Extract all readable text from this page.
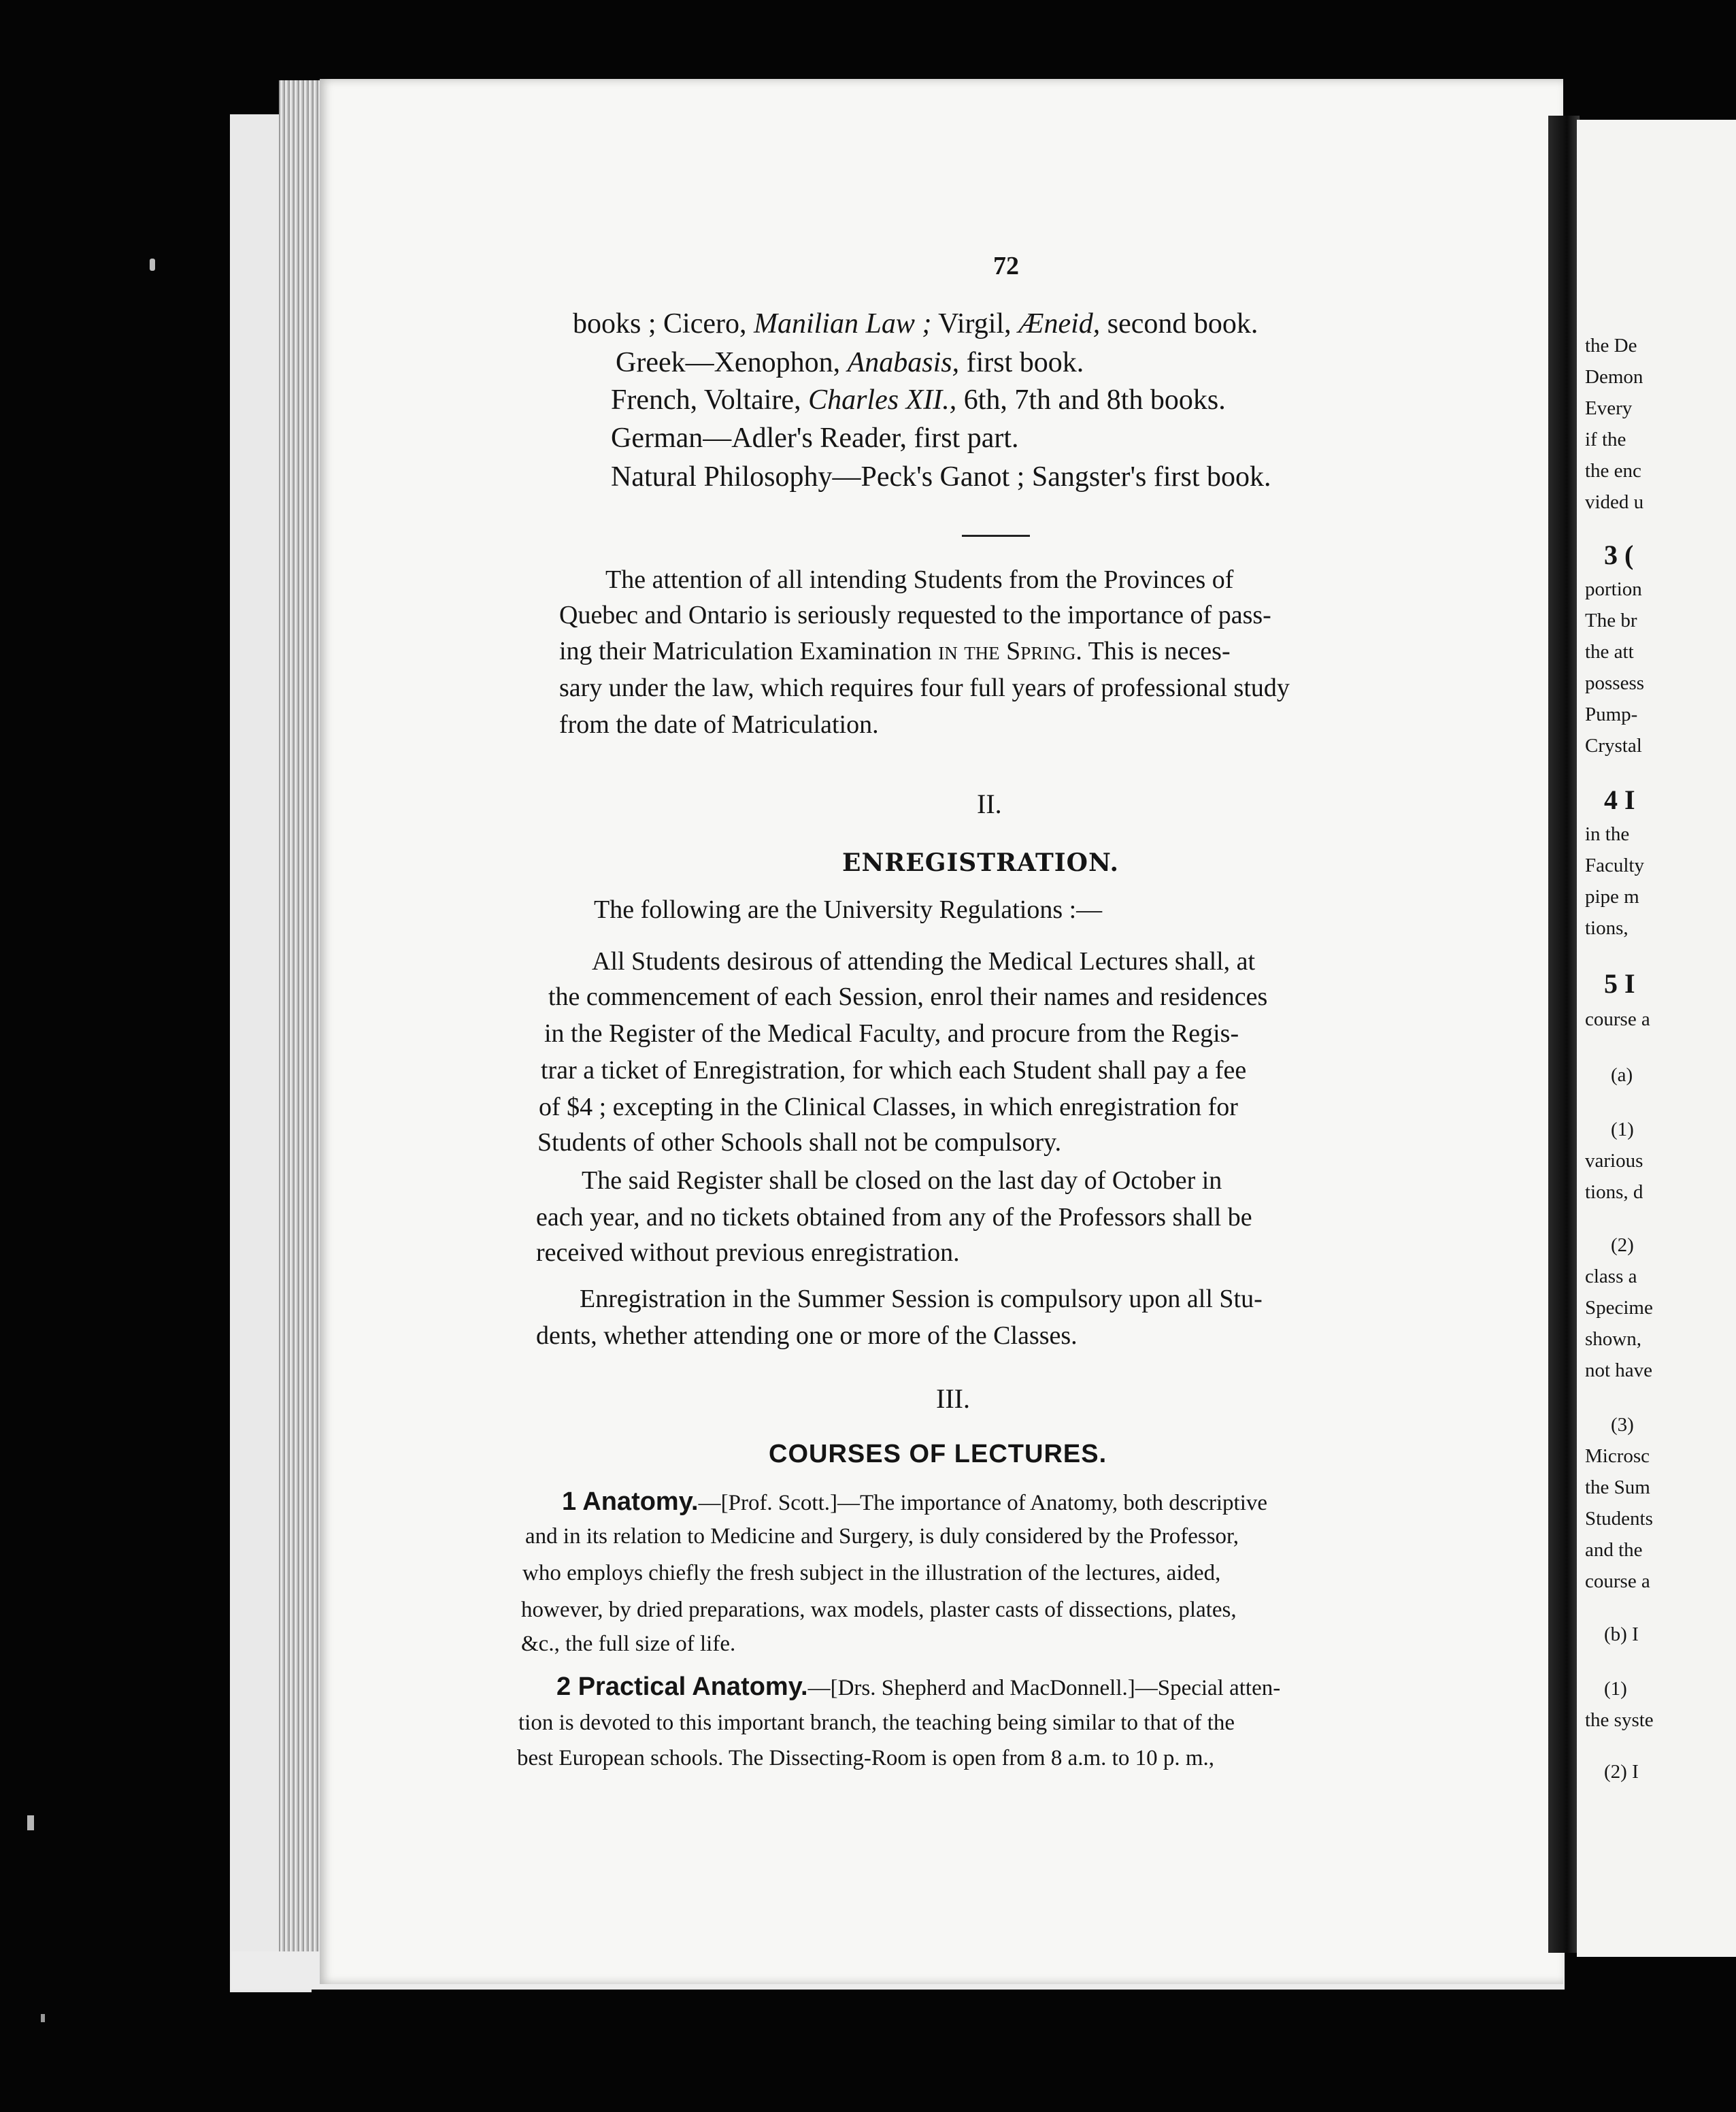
72
books ; Cicero, Manilian Law ; Virgil, Æneid, second book.
Greek—Xenophon, Anabasis, first book.
French, Voltaire, Charles XII., 6th, 7th and 8th books.
German—Adler's Reader, first part.
Natural Philosophy—Peck's Ganot ; Sangster's first book.
The attention of all intending Students from the Provinces of
Quebec and Ontario is seriously requested to the importance of pass-
ing their Matriculation Examination in the Spring. This is neces-
sary under the law, which requires four full years of professional study
from the date of Matriculation.
II.
ENREGISTRATION.
The following are the University Regulations :—
All Students desirous of attending the Medical Lectures shall, at
the commencement of each Session, enrol their names and residences
in the Register of the Medical Faculty, and procure from the Regis-
trar a ticket of Enregistration, for which each Student shall pay a fee
of $4 ; excepting in the Clinical Classes, in which enregistration for
Students of other Schools shall not be compulsory.
The said Register shall be closed on the last day of October in
each year, and no tickets obtained from any of the Professors shall be
received without previous enregistration.
Enregistration in the Summer Session is compulsory upon all Stu-
dents, whether attending one or more of the Classes.
III.
COURSES OF LECTURES.
1 Anatomy.—[Prof. Scott.]—The importance of Anatomy, both descriptive
and in its relation to Medicine and Surgery, is duly considered by the Professor,
who employs chiefly the fresh subject in the illustration of the lectures, aided,
however, by dried preparations, wax models, plaster casts of dissections, plates,
&c., the full size of life.
2 Practical Anatomy.—[Drs. Shepherd and MacDonnell.]—Special atten-
tion is devoted to this important branch, the teaching being similar to that of the
best European schools. The Dissecting-Room is open from 8 a.m. to 10 p. m.,
the De
Demon
Every
if the
the enc
vided u
3 (
portion
The br
the att
possess
Pump-
Crystal
4 I
in the
Faculty
pipe m
tions,
5 I
course a
(a)
(1)
various
tions, d
(2)
class a
Specime
shown,
not have
(3)
Microsc
the Sum
Students
and the
course a
(b) I
(1)
the syste
(2) I
